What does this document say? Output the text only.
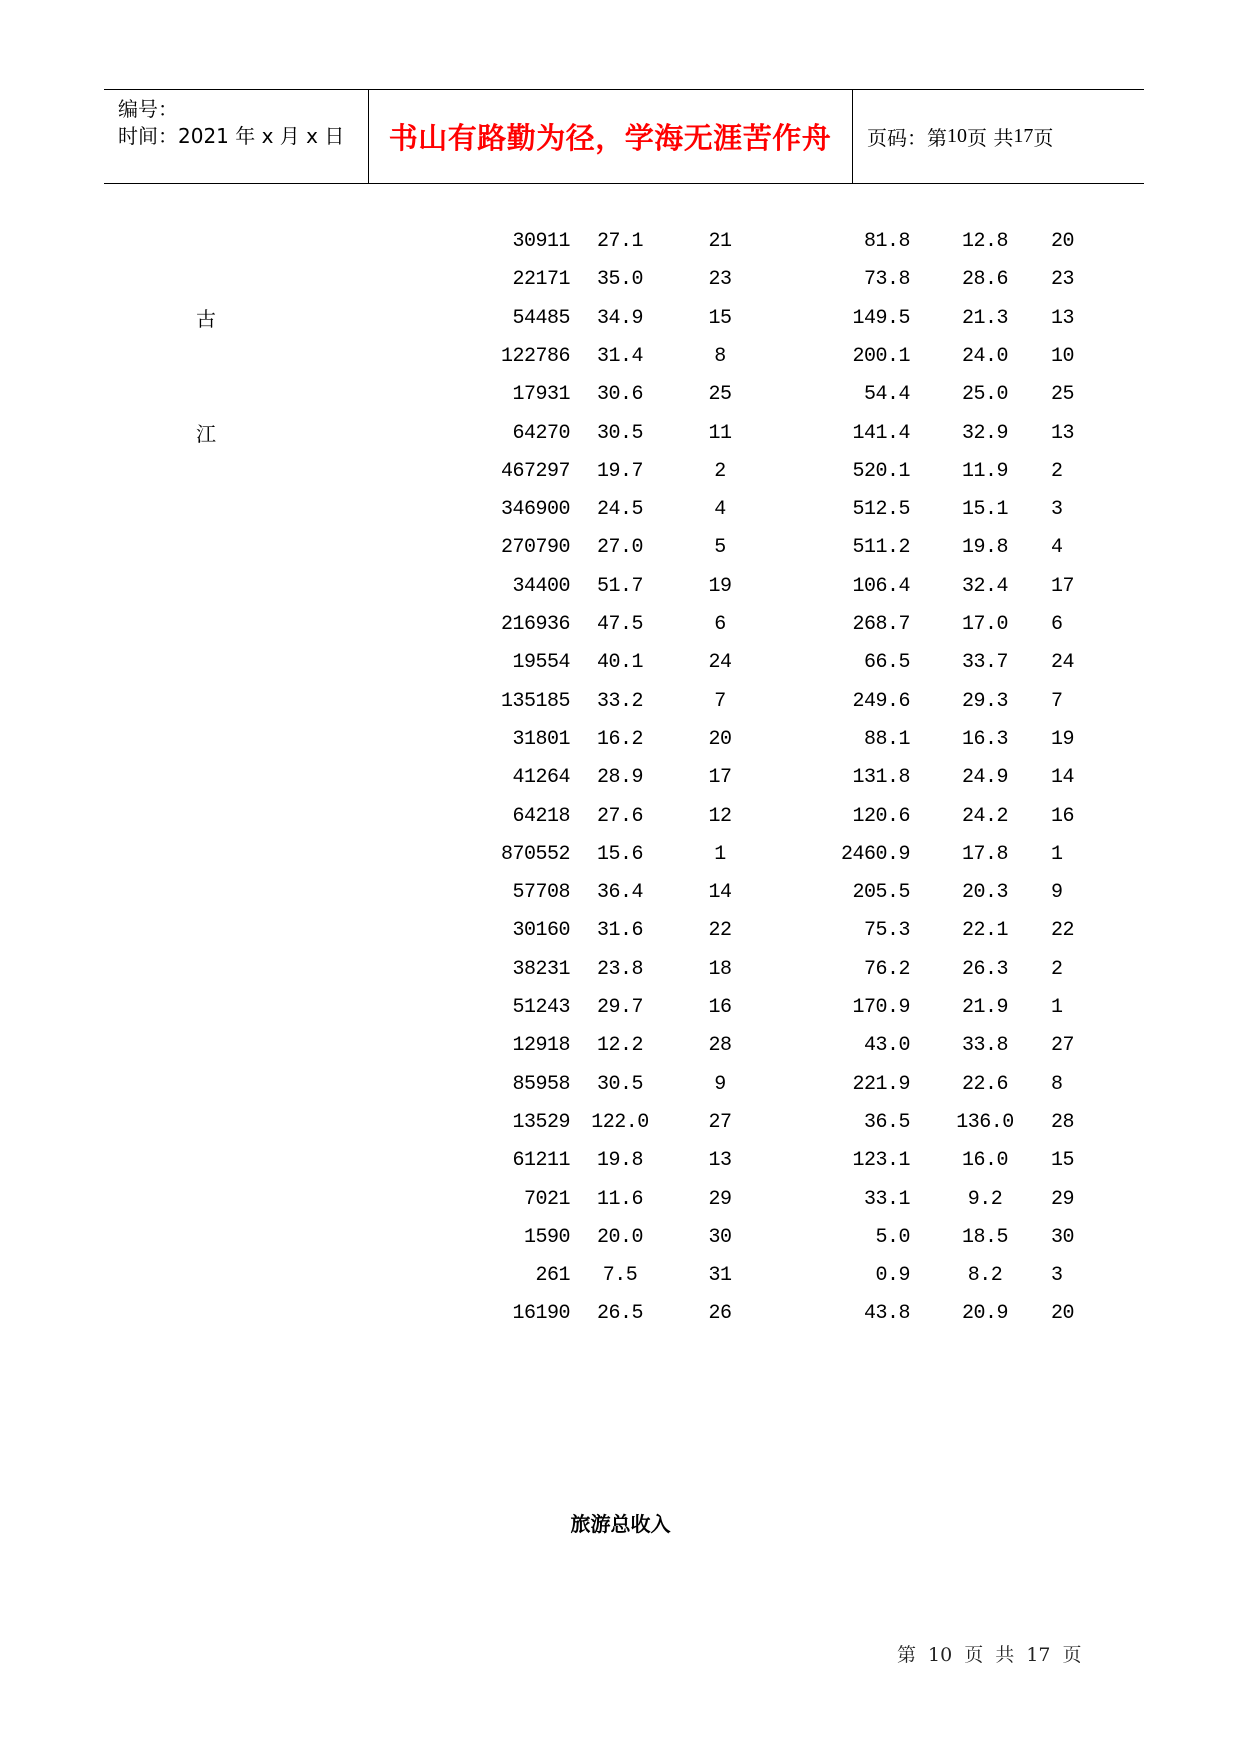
编号：
时间：2021 年 x 月 x 日 书山有路勤为径，学海无涯苦作舟 页码：第 10 页 共 17 页
30911	27.1	21	81.8	12.8	20
22171	35.0	23	73.8	28.6	23
古	54485	34.9	15	149.5	21.3	13
122786	31.4	8	200.1	24.0	10
17931	30.6	25	54.4	25.0	25
江	64270	30.5	11	141.4	32.9	13
467297	19.7	2	520.1	11.9	2
346900	24.5	4	512.5	15.1	3
270790	27.0	5	511.2	19.8	4
34400	51.7	19	106.4	32.4	17
216936	47.5	6	268.7	17.0	6
19554	40.1	24	66.5	33.7	24
135185	33.2	7	249.6	29.3	7
31801	16.2	20	88.1	16.3	19
41264	28.9	17	131.8	24.9	14
64218	27.6	12	120.6	24.2	16
870552	15.6	1	2460.9	17.8	1
57708	36.4	14	205.5	20.3	9
30160	31.6	22	75.3	22.1	22
38231	23.8	18	76.2	26.3	2
51243	29.7	16	170.9	21.9	1
12918	12.2	28	43.0	33.8	27
85958	30.5	9	221.9	22.6	8
13529 122.0	27	36.5	136.0	28
61211	19.8	13	123.1	16.0	15
7021	11.6	29	33.1	9.2	29
1590	20.0	30	5.0	18.5	30
261	7.5	31	0.9	8.2	3
16190	26.5	26	43.8	20.9	20
旅游总收入
第 10 页 共 17 页
